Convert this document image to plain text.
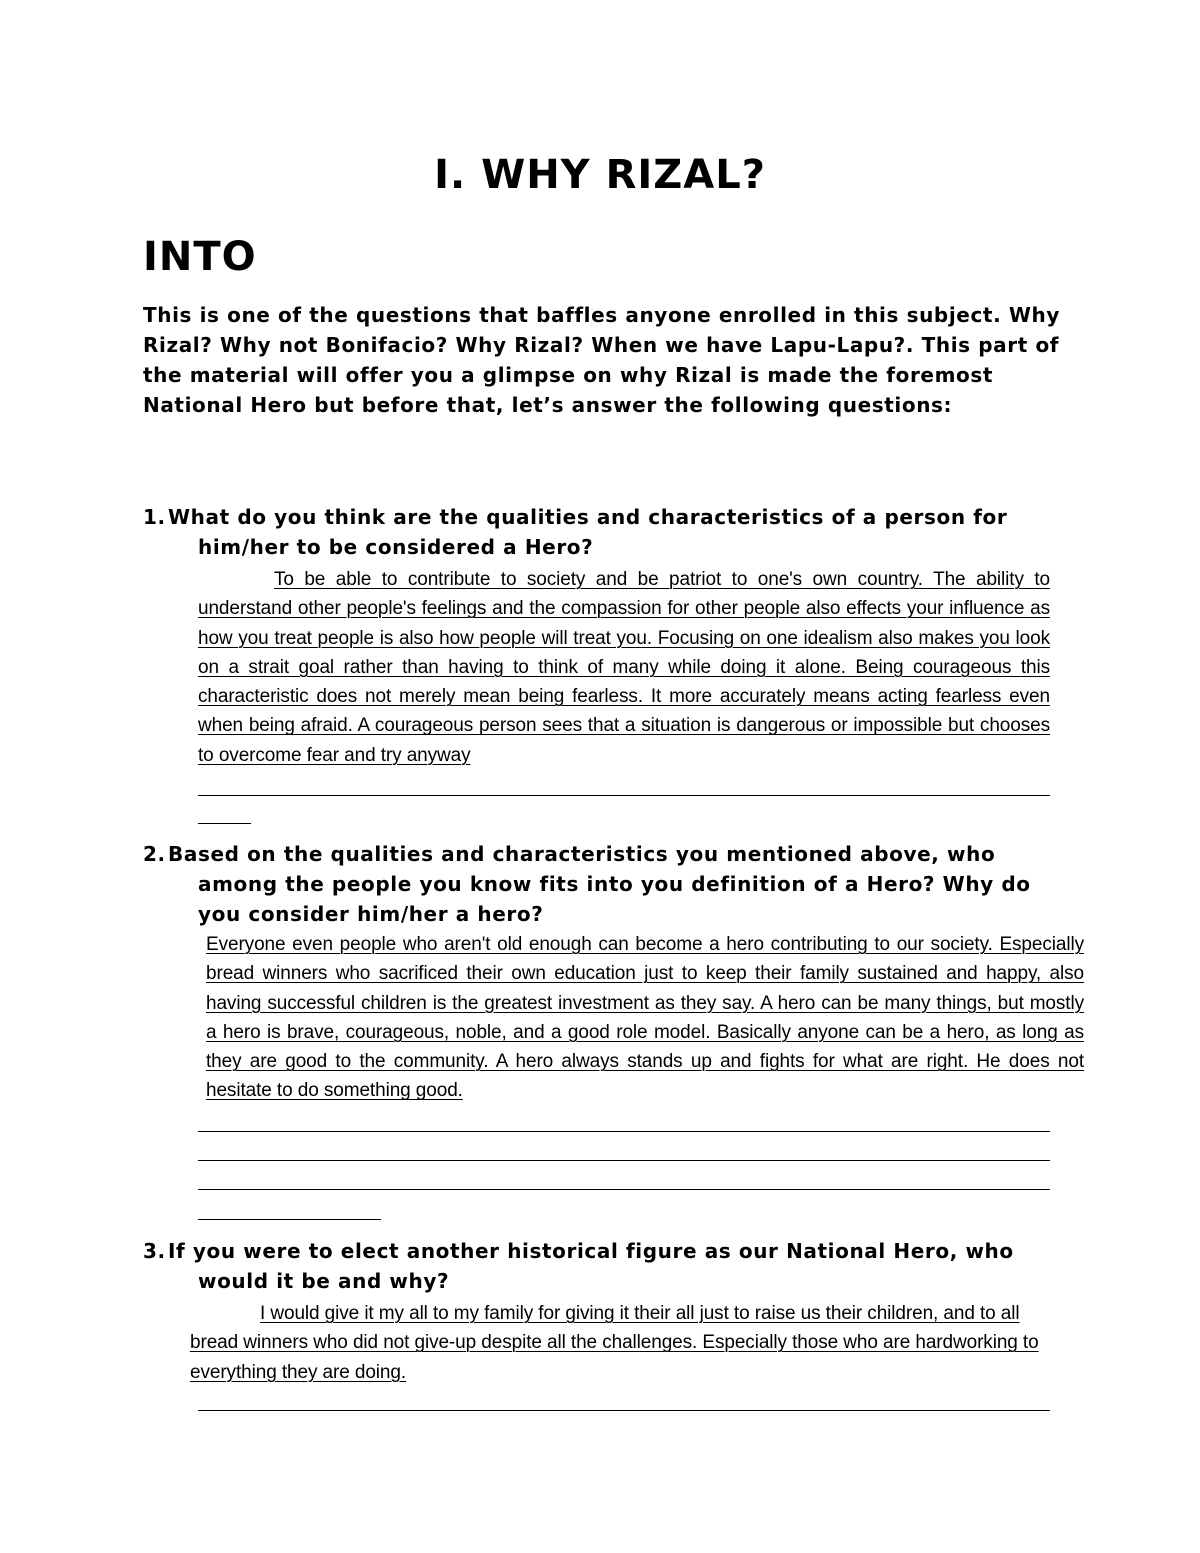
I. WHY RIZAL?
INTO

This is one of the questions that baffles anyone enrolled in this subject. Why Rizal? Why not Bonifacio? Why Rizal? When we have Lapu-Lapu?. This part of the material will offer you a glimpse on why Rizal is made the foremost National Hero but before that, let’s answer the following questions:

1. What do you think are the qualities and characteristics of a person for him/her to be considered a Hero?

To be able to contribute to society and be patriot to one's own country. The ability to understand other people's feelings and the compassion for other people also effects your influence as how you treat people is also how people will treat you. Focusing on one idealism also makes you look on a strait goal rather than having to think of many while doing it alone. Being courageous this characteristic does not merely mean being fearless. It more accurately means acting fearless even when being afraid. A courageous person sees that a situation is dangerous or impossible but chooses to overcome fear and try anyway

2. Based on the qualities and characteristics you mentioned above, who among the people you know fits into you definition of a Hero? Why do you consider him/her a hero?

Everyone even people who aren't old enough can become a hero contributing to our society. Especially bread winners who sacrificed their own education just to keep their family sustained and happy, also having successful children is the greatest investment as they say. A hero can be many things, but mostly a hero is brave, courageous, noble, and a good role model. Basically anyone can be a hero, as long as they are good to the community. A hero always stands up and fights for what are right. He does not hesitate to do something good.

3. If you were to elect another historical figure as our National Hero, who would it be and why?

I would give it my all to my family for giving it their all just to raise us their children, and to all bread winners who did not give-up despite all the challenges. Especially those who are hardworking to everything they are doing.
